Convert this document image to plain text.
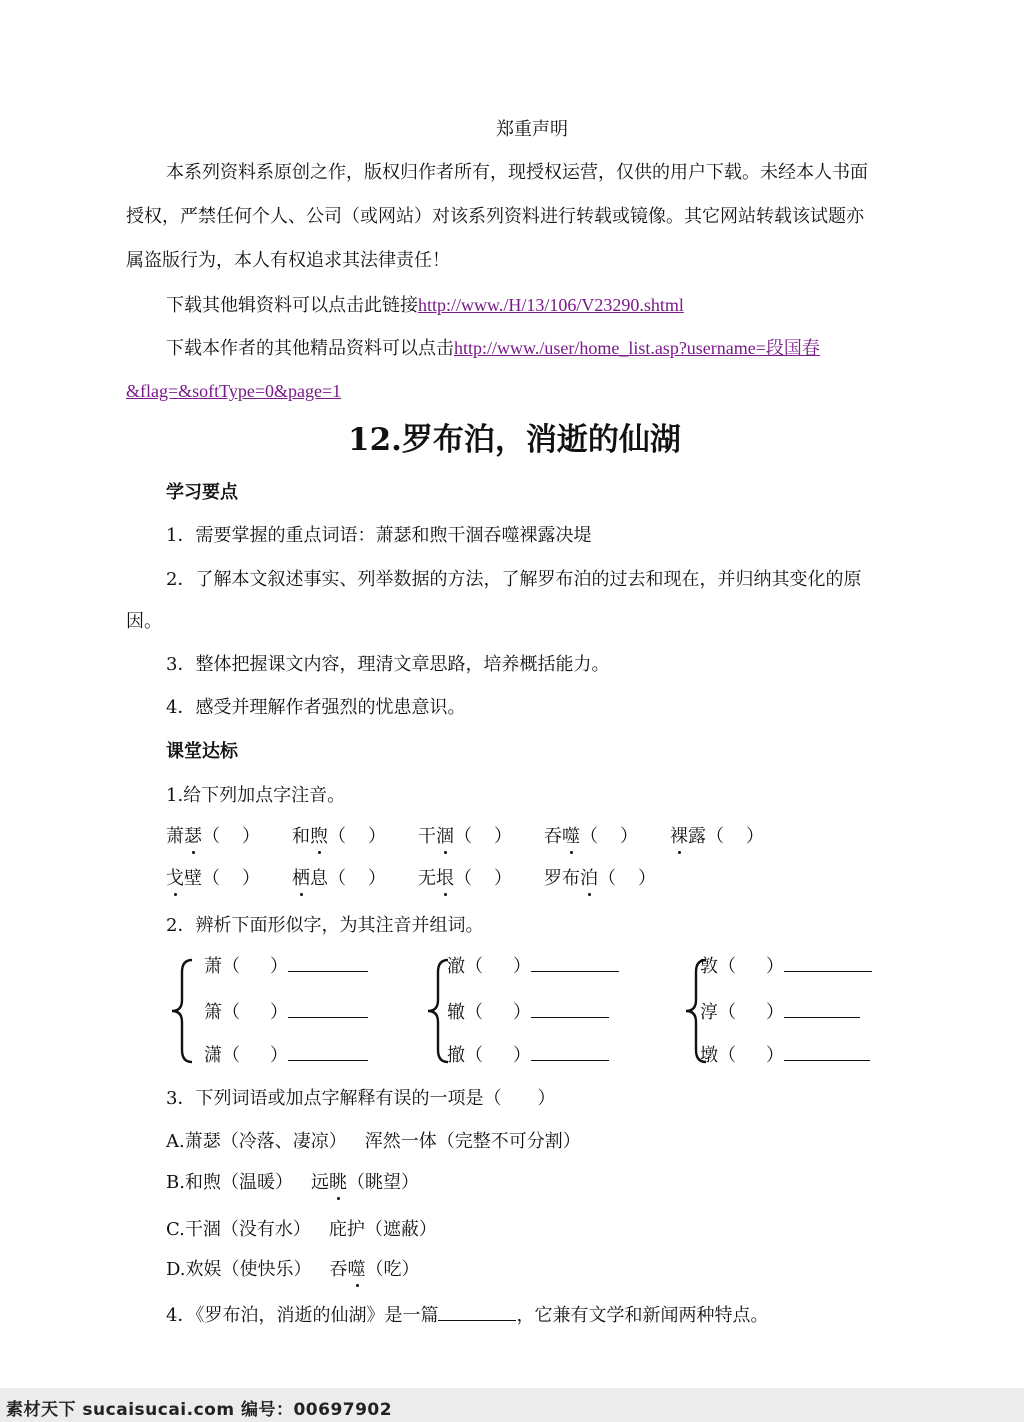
郑重声明
本系列资料系原创之作，版权归作者所有，现授权运营，仅供的用户下载。未经本人书面
授权，严禁任何个人、公司（或网站）对该系列资料进行转载或镜像。其它网站转载该试题亦
属盗版行为，本人有权追求其法律责任！
下载其他辑资料可以点击此链接http://www./H/13/106/V23290.shtml
下载本作者的其他精品资料可以点击http://www./user/home_list.asp?username=段国春
&flag=&softType=0&page=1
12.罗布泊，消逝的仙湖
学习要点
1．需要掌握的重点词语：萧瑟和煦干涸吞噬裸露决堤
2．了解本文叙述事实、列举数据的方法，了解罗布泊的过去和现在，并归纳其变化的原
因。
3．整体把握课文内容，理清文章思路，培养概括能力。
4．感受并理解作者强烈的忧患意识。
课堂达标
1.给下列加点字注音。
萧瑟（ ） 和煦（ ） 干涸（ ） 吞噬（ ） 裸露（ ）
戈壁（ ） 栖息（ ） 无垠（ ） 罗布泊（ ）
2．辨析下面形似字，为其注音并组词。
萧（ ）
箫（ ）
潇（ ）
澈（ ）
辙（ ）
撤（ ）
敦（ ）
淳（ ）
墩（ ）
3．下列词语或加点字解释有误的一项是（　　）
A.萧瑟（冷落、凄凉） 浑然一体（完整不可分割）
B.和煦（温暖） 远眺（眺望）
C.干涸（没有水） 庇护（遮蔽）
D.欢娱（使快乐） 吞噬（吃）
4．《罗布泊，消逝的仙湖》是一篇	，它兼有文学和新闻两种特点。
素材天下 sucaisucai.com 编号：00697902
